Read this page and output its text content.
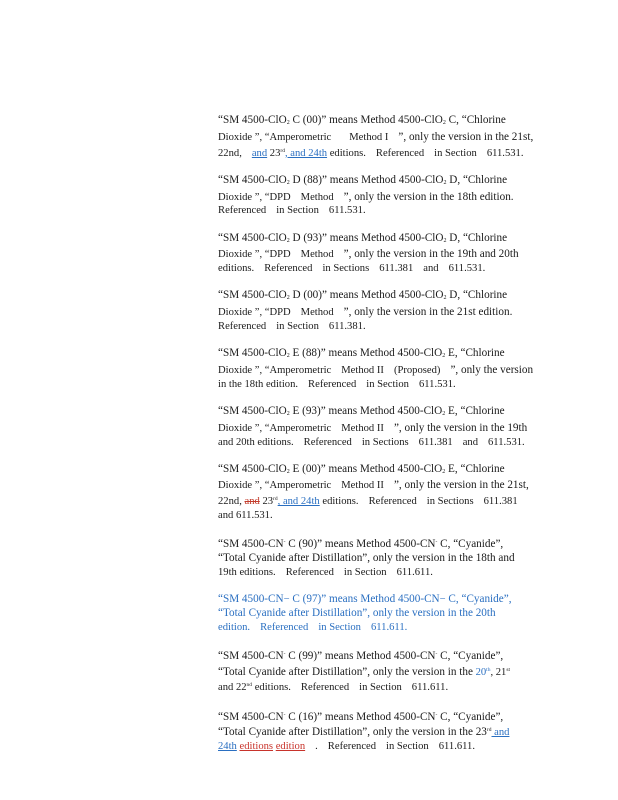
“SM 4500-ClO2 C (00)” means Method 4500-ClO2 C, “Chlorine
Dioxide ”, “Amperometric Method I ”, only the version in the 21st,
22nd, and 23rd, and 24th editions. Referenced in Section 611.531.

“SM 4500-ClO2 D (88)” means Method 4500-ClO2 D, “Chlorine
Dioxide ”, “DPD Method ”, only the version in the 18th edition.
Referenced in Section 611.531.

“SM 4500-ClO2 D (93)” means Method 4500-ClO2 D, “Chlorine
Dioxide ”, “DPD Method ”, only the version in the 19th and 20th
editions. Referenced in Sections 611.381 and 611.531.

“SM 4500-ClO2 D (00)” means Method 4500-ClO2 D, “Chlorine
Dioxide ”, “DPD Method ”, only the version in the 21st edition.
Referenced in Section 611.381.

“SM 4500-ClO2 E (88)” means Method 4500-ClO2 E, “Chlorine
Dioxide ”, “Amperometric Method II (Proposed) ”, only the version
in the 18th edition. Referenced in Section 611.531.

“SM 4500-ClO2 E (93)” means Method 4500-ClO2 E, “Chlorine
Dioxide ”, “Amperometric Method II ”, only the version in the 19th
and 20th editions. Referenced in Sections 611.381 and 611.531.

“SM 4500-ClO2 E (00)” means Method 4500-ClO2 E, “Chlorine
Dioxide ”, “Amperometric Method II ”, only the version in the 21st,
22nd, and 23rd, and 24th editions. Referenced in Sections 611.381
and 611.531.

“SM 4500-CN- C (90)” means Method 4500-CN- C, “Cyanide”,
“Total Cyanide after Distillation”, only the version in the 18th and
19th editions. Referenced in Section 611.611.

“SM 4500-CN− C (97)” means Method 4500-CN− C, “Cyanide”,
“Total Cyanide after Distillation”, only the version in the 20th
edition. Referenced in Section 611.611.

“SM 4500-CN- C (99)” means Method 4500-CN- C, “Cyanide”,
“Total Cyanide after Distillation”, only the version in the 20th, 21st
and 22nd editions. Referenced in Section 611.611.

“SM 4500-CN- C (16)” means Method 4500-CN- C, “Cyanide”,
“Total Cyanide after Distillation”, only the version in the 23rd and
24th editions edition . Referenced in Section 611.611.
